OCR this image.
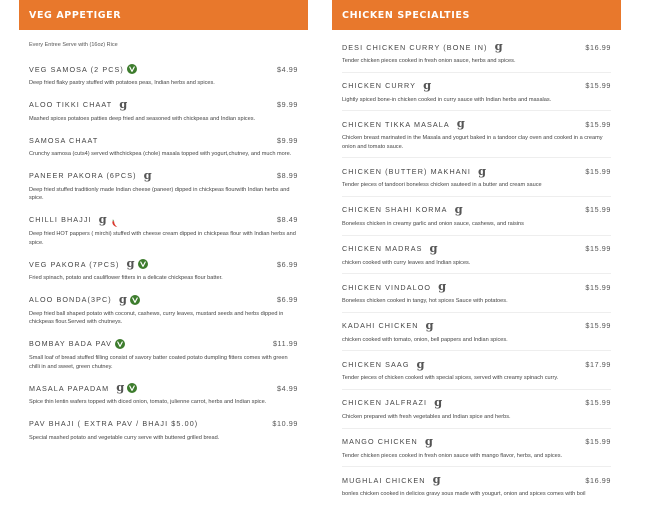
VEG APPETIGER
Every Entree Serve with (16oz) Rice
VEG SAMOSA (2 PCS)	$4.99
Deep fried flaky pastry stuffed with potatoes peas, Indian herbs and spices.
ALOO TIKKI CHAAT g	$9.99
Mashed spices potatoes patties deep fried and seasoned with chickpeas and Indian spices.
SAMOSA CHAAT	$9.99
Crunchy samosa (cuts4) served withchickpea (chole) masala topped with yogurt,chutney, and much more.
PANEER PAKORA (6PCS) g	$8.99
Deep fried stuffed traditionly made Indian cheese (paneer) dipped in chickpeas flourwith Indian herbs and spice.
CHILLI BHAJJI g	$8.49
Deep fried HOT pappers ( mirchi) stuffed with cheese cream dipped in chickpeas flour with Indian herbs and spice.
VEG PAKORA (7PCS) g	$6.99
Fried spinach, potato and cauliflower fitters in a delicate chickpeas flour batter.
ALOO BONDA(3PC) g	$6.99
Deep fried ball shaped potato with coconut, cashews, curry leaves, mustard seeds and herbs dipped in chickpeas flour.Served with chutneys.
BOMBAY BADA PAV	$11.99
Small loaf of bread stuffed filling consist of savory batter coated potato dumpling fitters comes with green chilli in and sweet, green chutney.
MASALA PAPADAM g	$4.99
Spice thin lentin wafers topped with diced onion, tomato, julienne carrot, herbs and Indian spice.
PAV BHAJI ( EXTRA PAV / BHAJI $5.00)	$10.99
Special mashed potato and vegetable curry serve with buttered grilled bread.
CHICKEN SPECIALTIES
DESI CHICKEN CURRY (BONE IN) g	$16.99
Tender chicken pieces cooked in fresh onion sauce, herbs and spices.
CHICKEN CURRY g	$15.99
Lightly spiced bone-in chicken cooked in curry sauce with Indian herbs and masalas.
CHICKEN TIKKA MASALA g	$15.99
Chicken breast marinated in the Masala and yogurt baked in a tandoor clay oven and cooked in a creamy onion and tomato sauce.
CHICKEN (BUTTER) MAKHANI g	$15.99
Tender pieces of tandoori boneless chicken sauteed in a butter and cream sauce
CHICKEN SHAHI KORMA g	$15.99
Boneless chicken in creamy garlic and onion sauce, cashews, and raisins
CHICKEN MADRAS g	$15.99
chicken cooked with curry leaves and Indian spices.
CHICKEN VINDALOO g	$15.99
Boneless chicken cooked in tangy, hot spices Sauce with potatoes.
KADAHI CHICKEN g	$15.99
chicken cooked with tomato, onion, bell pappers and Indian spices.
CHICKEN SAAG g	$17.99
Tender pieces of chicken cooked with special spices, served with creamy spinach curry.
CHICKEN JALFRAZI g	$15.99
Chicken prepared with fresh vegetables and Indian spice and herbs.
MANGO CHICKEN g	$15.99
Tender chicken pieces cooked in fresh onion sauce with mango flavor, herbs, and spices.
MUGHLAI CHICKEN g	$16.99
bonles chicken cooked in delicios gravy sous made with yougurt, onion and spices comes with boil
